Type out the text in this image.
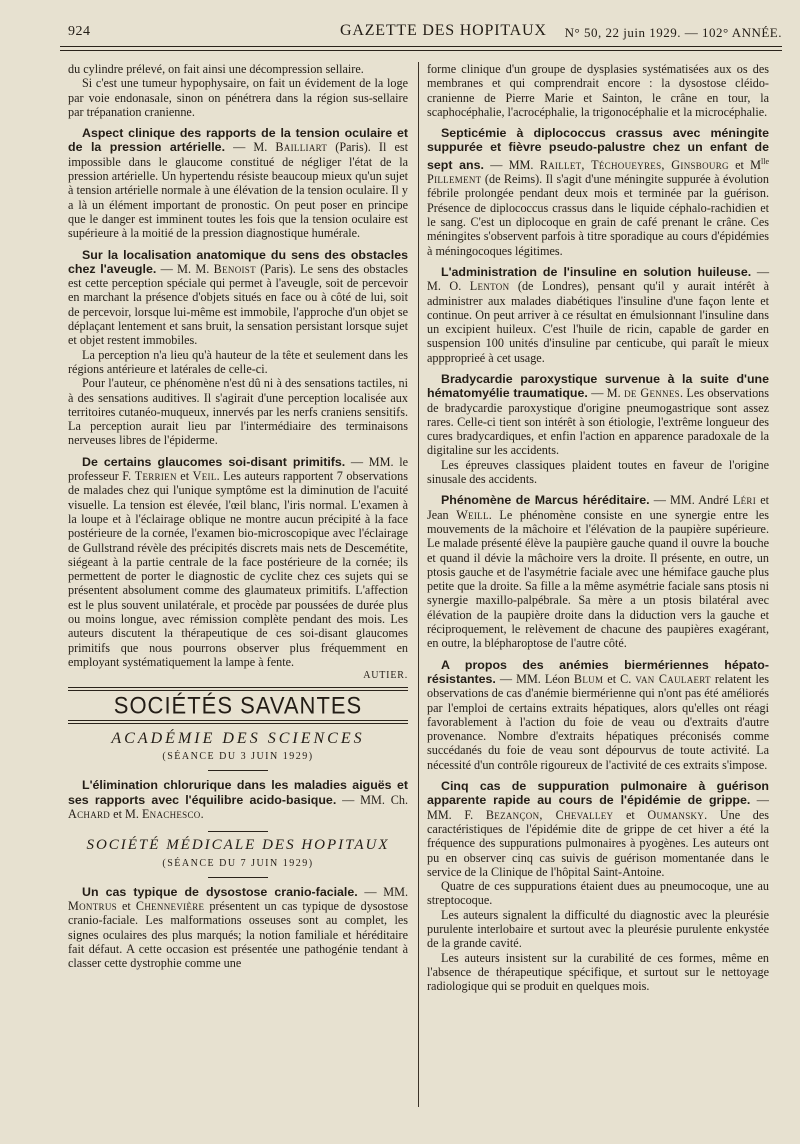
924	GAZETTE DES HOPITAUX N° 50, 22 juin 1929. — 102° ANNÉE.

du cylindre prélevé, on fait ainsi une décompression sellaire.

Si c'est une tumeur hypophysaire, on fait un évidement de la loge par voie endonasale, sinon on pénétrera dans la région sus-sellaire par trépanation cranienne.

Aspect clinique des rapports de la tension oculaire et de la pression artérielle. — M. Bailliart (Paris). Il est impossible dans le glaucome constitué de négliger l'état de la pression artérielle. Un hypertendu résiste beaucoup mieux qu'un sujet à tension artérielle normale à une élévation de la tension oculaire. Il y a là un élément important de pronostic. On peut poser en principe que le danger est imminent toutes les fois que la tension oculaire est supérieure à la moitié de la pression diagnostique humérale.

Sur la localisation anatomique du sens des obstacles chez l'aveugle. — M. M. Benoist (Paris). Le sens des obstacles est cette perception spéciale qui permet à l'aveugle, soit de percevoir en marchant la présence d'objets situés en face ou à côté de lui, soit de percevoir, lorsque lui-même est immobile, l'approche d'un objet se déplaçant lentement et sans bruit, la sensation persistant lorsque sujet et objet restent immobiles.

La perception n'a lieu qu'à hauteur de la tête et seulement dans les régions antérieure et latérales de celle-ci.

Pour l'auteur, ce phénomène n'est dû ni à des sensations tactiles, ni à des sensations auditives. Il s'agirait d'une perception localisée aux territoires cutanéo-muqueux, innervés par les nerfs craniens sensitifs. La perception aurait lieu par l'intermédiaire des terminaisons nerveuses libres de l'épiderme.

De certains glaucomes soi-disant primitifs. — MM. le professeur F. Terrien et Veil. Les auteurs rapportent 7 observations de malades chez qui l'unique symptôme est la diminution de l'acuité visuelle. La tension est élevée, l'œil blanc, l'iris normal. L'examen à la loupe et à l'éclairage oblique ne montre aucun précipité à la face postérieure de la cornée, l'examen bio-microscopique avec l'éclairage de Gullstrand révèle des précipités discrets mais nets de Descemétite, siégeant à la partie centrale de la face postérieure de la cornée; ils permettent de porter le diagnostic de cyclite chez ces sujets qui se présentent absolument comme des glaumateux primitifs. L'affection est le plus souvent unilatérale, et procède par poussées de durée plus ou moins longue, avec rémission complète pendant des mois. Les auteurs discutent la thérapeutique de ces soi-disant glaucomes primitifs que nous pourrons observer plus fréquemment en employant systématiquement la lampe à fente.

AUTIER.

SOCIÉTÉS SAVANTES
ACADÉMIE DES SCIENCES
(SÉANCE DU 3 JUIN 1929)

L'élimination chlorurique dans les maladies aiguës et ses rapports avec l'équilibre acido-basique. — MM. Ch. Achard et M. Enachesco.

SOCIÉTÉ MÉDICALE DES HOPITAUX
(SÉANCE DU 7 JUIN 1929)

Un cas typique de dysostose cranio-faciale. — MM. Montrus et Chennevière présentent un cas typique de dysostose cranio-faciale. Les malformations osseuses sont au complet, les signes oculaires des plus marqués; la notion familiale et héréditaire fait défaut. A cette occasion est présentée une pathogénie tendant à classer cette dystrophie comme une

forme clinique d'un groupe de dysplasies systématisées aux os des membranes et qui comprendrait encore : la dysostose cléido-cranienne de Pierre Marie et Sainton, le crâne en tour, la scaphocéphalie, l'acrocéphalie, la trigonocéphalie et la microcéphalie.

Septicémie à diplococcus crassus avec méningite suppurée et fièvre pseudo-palustre chez un enfant de sept ans. — MM. Raillet, Téchoueyres, Ginsbourg et $M^{lle}$ Pillement (de Reims). Il s'agit d'une méningite suppurée à évolution fébrile prolongée pendant deux mois et terminée par la guérison. Présence de diplococcus crassus dans le liquide céphalo-rachidien et le sang. C'est un diplocoque en grain de café prenant le crâne. Ces méningites s'observent parfois à titre sporadique au cours d'épidémies à méningocoques légitimes.

L'administration de l'insuline en solution huileuse. — M. O. Lenton (de Londres), pensant qu'il y aurait intérêt à administrer aux malades diabétiques l'insuline d'une façon lente et continue. On peut arriver à ce résultat en émulsionnant l'insuline dans un excipient huileux. C'est l'huile de ricin, capable de garder en suspension 100 unités d'insuline par centicube, qui paraît le mieux appproprieé à cet usage.

Bradycardie paroxystique survenue à la suite d'une hématomyélie traumatique. — M. de Gennes. Les observations de bradycardie paroxystique d'origine pneumogastrique sont assez rares. Celle-ci tient son intérêt à son étiologie, l'extrême longueur des cures bradycardiques, et enfin l'action en apparence paradoxale de la digitaline sur les accidents.

Les épreuves classiques plaident toutes en faveur de l'origine sinusale des accidents.

Phénomène de Marcus héréditaire. — MM. André Léri et Jean Weill. Le phénomène consiste en une synergie entre les mouvements de la mâchoire et l'élévation de la paupière supérieure. Le malade présenté élève la paupière gauche quand il ouvre la bouche et quand il dévie la mâchoire vers la droite. Il présente, en outre, un ptosis gauche et de l'asymétrie faciale avec une hémiface gauche plus petite que la droite. Sa fille a la même asymétrie faciale sans ptosis ni synergie maxillo-palpébrale. Sa mère a un ptosis bilatéral avec élévation de la paupière droite dans la diduction vers la gauche et réciproquement, le relèvement de chacune des paupières exagérant, en outre, la blépharoptose de l'autre côté.

A propos des anémies biermériennes hépato-résistantes. — MM. Léon Blum et C. van Caulaert relatent les observations de cas d'anémie biermérienne qui n'ont pas été améliorés par l'emploi de certains extraits hépatiques, alors qu'elles ont réagi favorablement à l'action du foie de veau ou d'extraits d'autre provenance. Nombre d'extraits hépatiques préconisés comme succédanés du foie de veau sont dépourvus de toute activité. La nécessité d'un contrôle rigoureux de l'activité de ces extraits s'impose.

Cinq cas de suppuration pulmonaire à guérison apparente rapide au cours de l'épidémie de grippe. — MM. F. Bezançon, Chevalley et Oumansky. Une des caractéristiques de l'épidémie dite de grippe de cet hiver a été la fréquence des suppurations pulmonaires à pyogènes. Les auteurs ont pu en observer cinq cas suivis de guérison momentanée dans le service de la Clinique de l'hôpital Saint-Antoine.

Quatre de ces suppurations étaient dues au pneumocoque, une au streptocoque.

Les auteurs signalent la difficulté du diagnostic avec la pleurésie purulente interlobaire et surtout avec la pleurésie purulente enkystée de la grande cavité.

Les auteurs insistent sur la curabilité de ces formes, même en l'absence de thérapeutique spécifique, et surtout sur le nettoyage radiologique qui se produit en quelques mois.
